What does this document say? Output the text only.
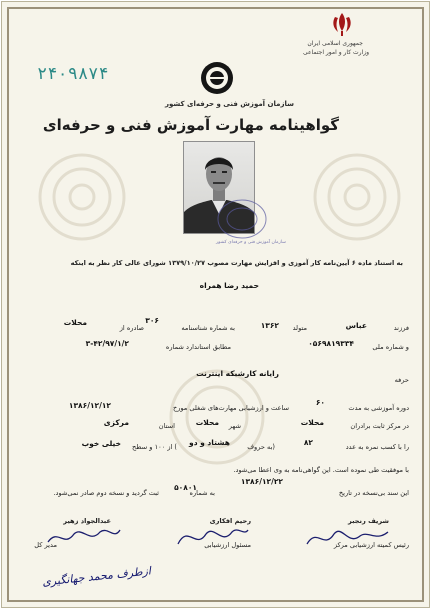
جمهوری اسلامی ایران
وزارت کار و امور اجتماعی
۲۴۰۹۸۷۴
سازمان آموزش فنی و حرفه‌ای کشور
گواهینامه مهارت آموزش فنی و حرفه‌ای
سازمان آموزش فنی و حرفه‌ای کشور
به استناد ماده ۶ آیین‌نامه کار آموزی و افزایش مهارت مصوب ۱۳۷۹/۱۰/۲۷ شورای عالی کار نظر به اینکه
حمید رضا همراه
فرزند
عباس
متولد
۱۳۶۲
به شماره شناسنامه
۳۰۶
صادره از
محلات
و شماره ملی
۰۵۶۹۸۱۹۳۳۴
مطابق استاندارد شماره
۳-۴۲/۹۷/۱/۲
حرفه
رایانه کارشبکه اینترنت
دوره آموزشی به مدت
۶۰
ساعت و ارزشیابی مهارت‌های شغلی مورخ
۱۳۸۶/۱۲/۱۲
در مرکز ثابت برادران
محلات
شهر
محلات
استان
مرکزی
را با کسب نمره به عدد
۸۲
(به حروف
هشتاد و دو
) از ۱۰۰ و سطح
خیلی خوب
با موفقیت طی نموده است. این گواهی‌نامه به وی اعطا می‌شود.
این سند بی‌نسخه در تاریخ
۱۳۸۶/۱۲/۲۲
به شماره
۵۰۸۰۱
ثبت گردید و نسخه دوم صادر نمی‌شود.
شریف رنجبر
رئیس کمیته ارزشیابی مرکز
رحیم افکاری
مسئول ارزشیابی
عبدالجواد زهیر
مدیر کل
ازطرف محمد جهانگیری
